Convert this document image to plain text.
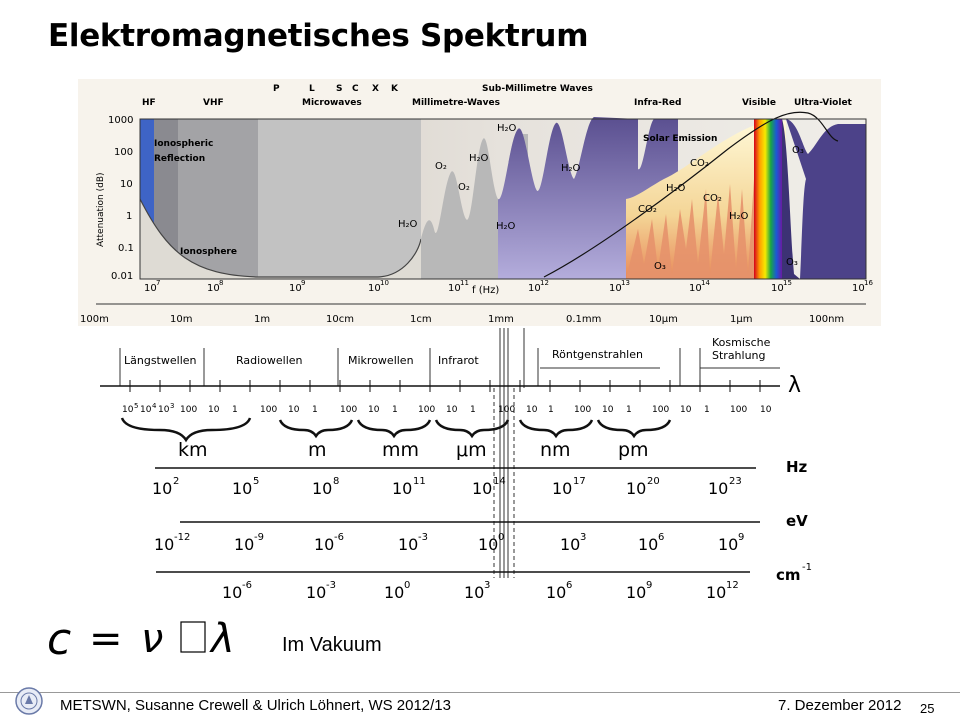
Elektromagnetisches Spektrum
P	L S C X K	Sub-Millimetre Waves
HF	VHF	Microwaves	Millimetre-Waves	Infra-Red	Visible Ultra-Violet
Attenuation (dB)
1000
100
10
1
0.1
0.01
Ionospheric
Reflection
Ionosphere
Solar Emission
H₂O
O₂
H₂O
O₂
H₂O
H₂O
H₂O
CO₂
CO₂
H₂O
CO₂
H₂O
O₃
O₃	O₃
10 7	10 8	10 9	10 10	10 11	10 12	10 13	10 14	10 15	10 16
f (Hz)
100m	10m	1m	10cm	1cm	1mm	0.1mm	10μm	1μm	100nm
Längstwellen	Radiowellen	Mikrowellen Infrarot	Röntgenstrahlen
Kosmische
Strahlung
λ
10 5 10 4 10 3 100 10 1 100 10 1 100 10 1 100 10 1 100 10 1 100 10 1 100 10 1 100 10
km	m	mm μm	nm pm
Hz
10 2	10 5	10 8	10 11	10 14	10 17	10 20	10 23
eV
10 -12	10 -9	10 -6	10 -3	10 0	10 3	10 6	10 9
cm -1
10 -6	10 -3	10 0	10 3	10 6	10 9	10 12
c = ν λ Im Vakuum
METSWN, Susanne Crewell & Ulrich Löhnert, WS 2012/13	7. Dezember 2012 25
